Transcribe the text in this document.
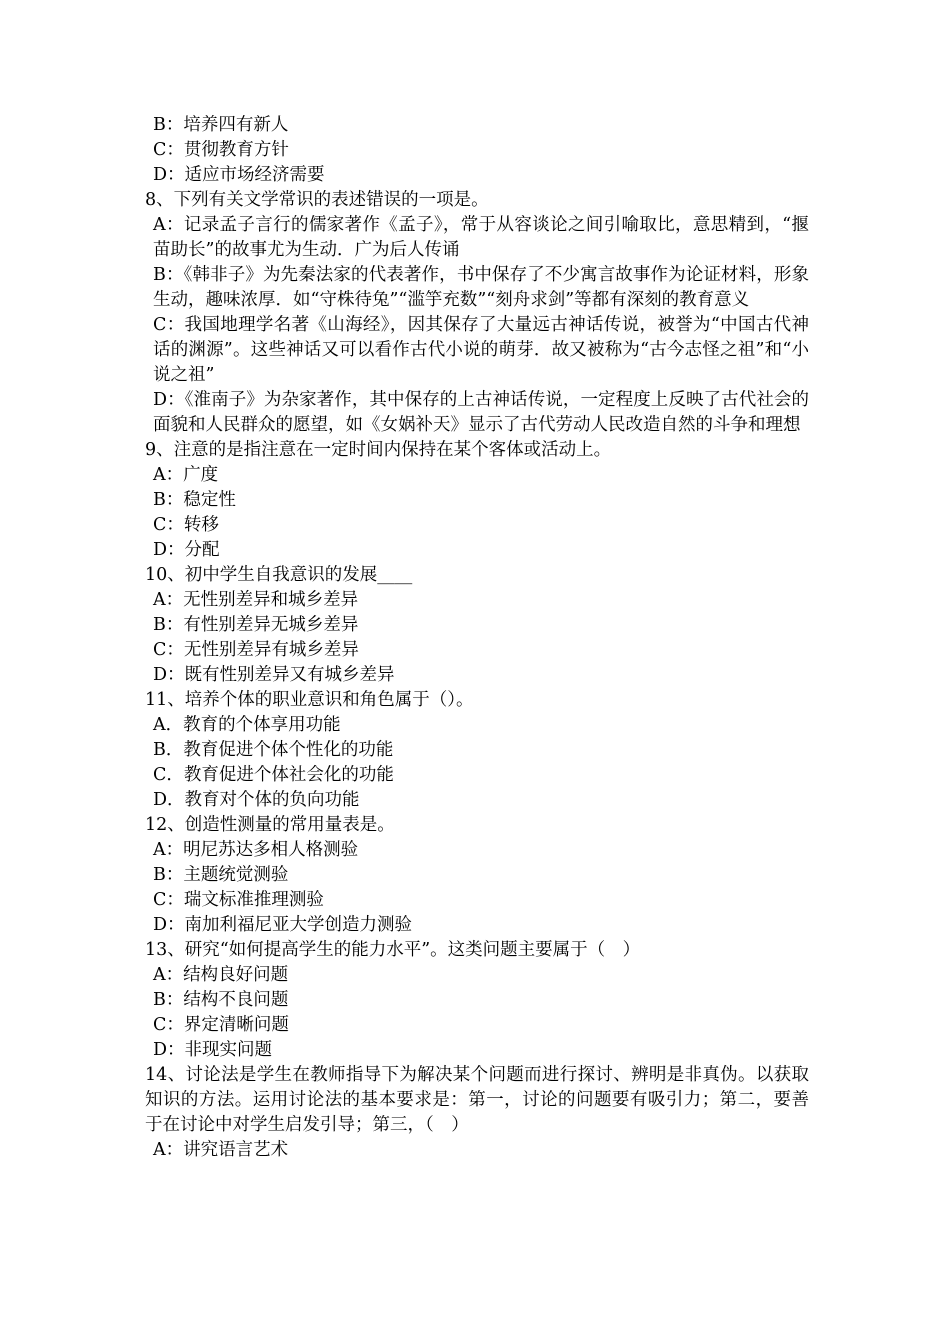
B：培养四有新人
C：贯彻教育方针
D：适应市场经济需要
8、下列有关文学常识的表述错误的一项是。
A：记录孟子言行的儒家著作《孟子》，常于从容谈论之间引喻取比，意思精到，“揠苗助长”的故事尤为生动．广为后人传诵
B：《韩非子》为先秦法家的代表著作，书中保存了不少寓言故事作为论证材料，形象生动，趣味浓厚．如“守株待兔”“滥竽充数”“刻舟求剑”等都有深刻的教育意义
C：我国地理学名著《山海经》，因其保存了大量远古神话传说，被誉为“中国古代神话的渊源”。这些神话又可以看作古代小说的萌芽．故又被称为“古今志怪之祖”和“小说之祖”
D：《淮南子》为杂家著作，其中保存的上古神话传说，一定程度上反映了古代社会的面貌和人民群众的愿望，如《女娲补天》显示了古代劳动人民改造自然的斗争和理想
9、注意的是指注意在一定时间内保持在某个客体或活动上。
A：广度
B：稳定性
C：转移
D：分配
10、初中学生自我意识的发展____
A：无性别差异和城乡差异
B：有性别差异无城乡差异
C：无性别差异有城乡差异
D：既有性别差异又有城乡差异
11、培养个体的职业意识和角色属于（）。
A．教育的个体享用功能
B．教育促进个体个性化的功能
C．教育促进个体社会化的功能
D．教育对个体的负向功能
12、创造性测量的常用量表是。
A：明尼苏达多相人格测验
B：主题统觉测验
C：瑞文标准推理测验
D：南加利福尼亚大学创造力测验
13、研究“如何提高学生的能力水平”。这类问题主要属于（　）
A：结构良好问题
B：结构不良问题
C：界定清晰问题
D：非现实问题
14、讨论法是学生在教师指导下为解决某个问题而进行探讨、辨明是非真伪。以获取知识的方法。运用讨论法的基本要求是：第一，讨论的问题要有吸引力；第二，要善于在讨论中对学生启发引导；第三，（　）
A：讲究语言艺术
